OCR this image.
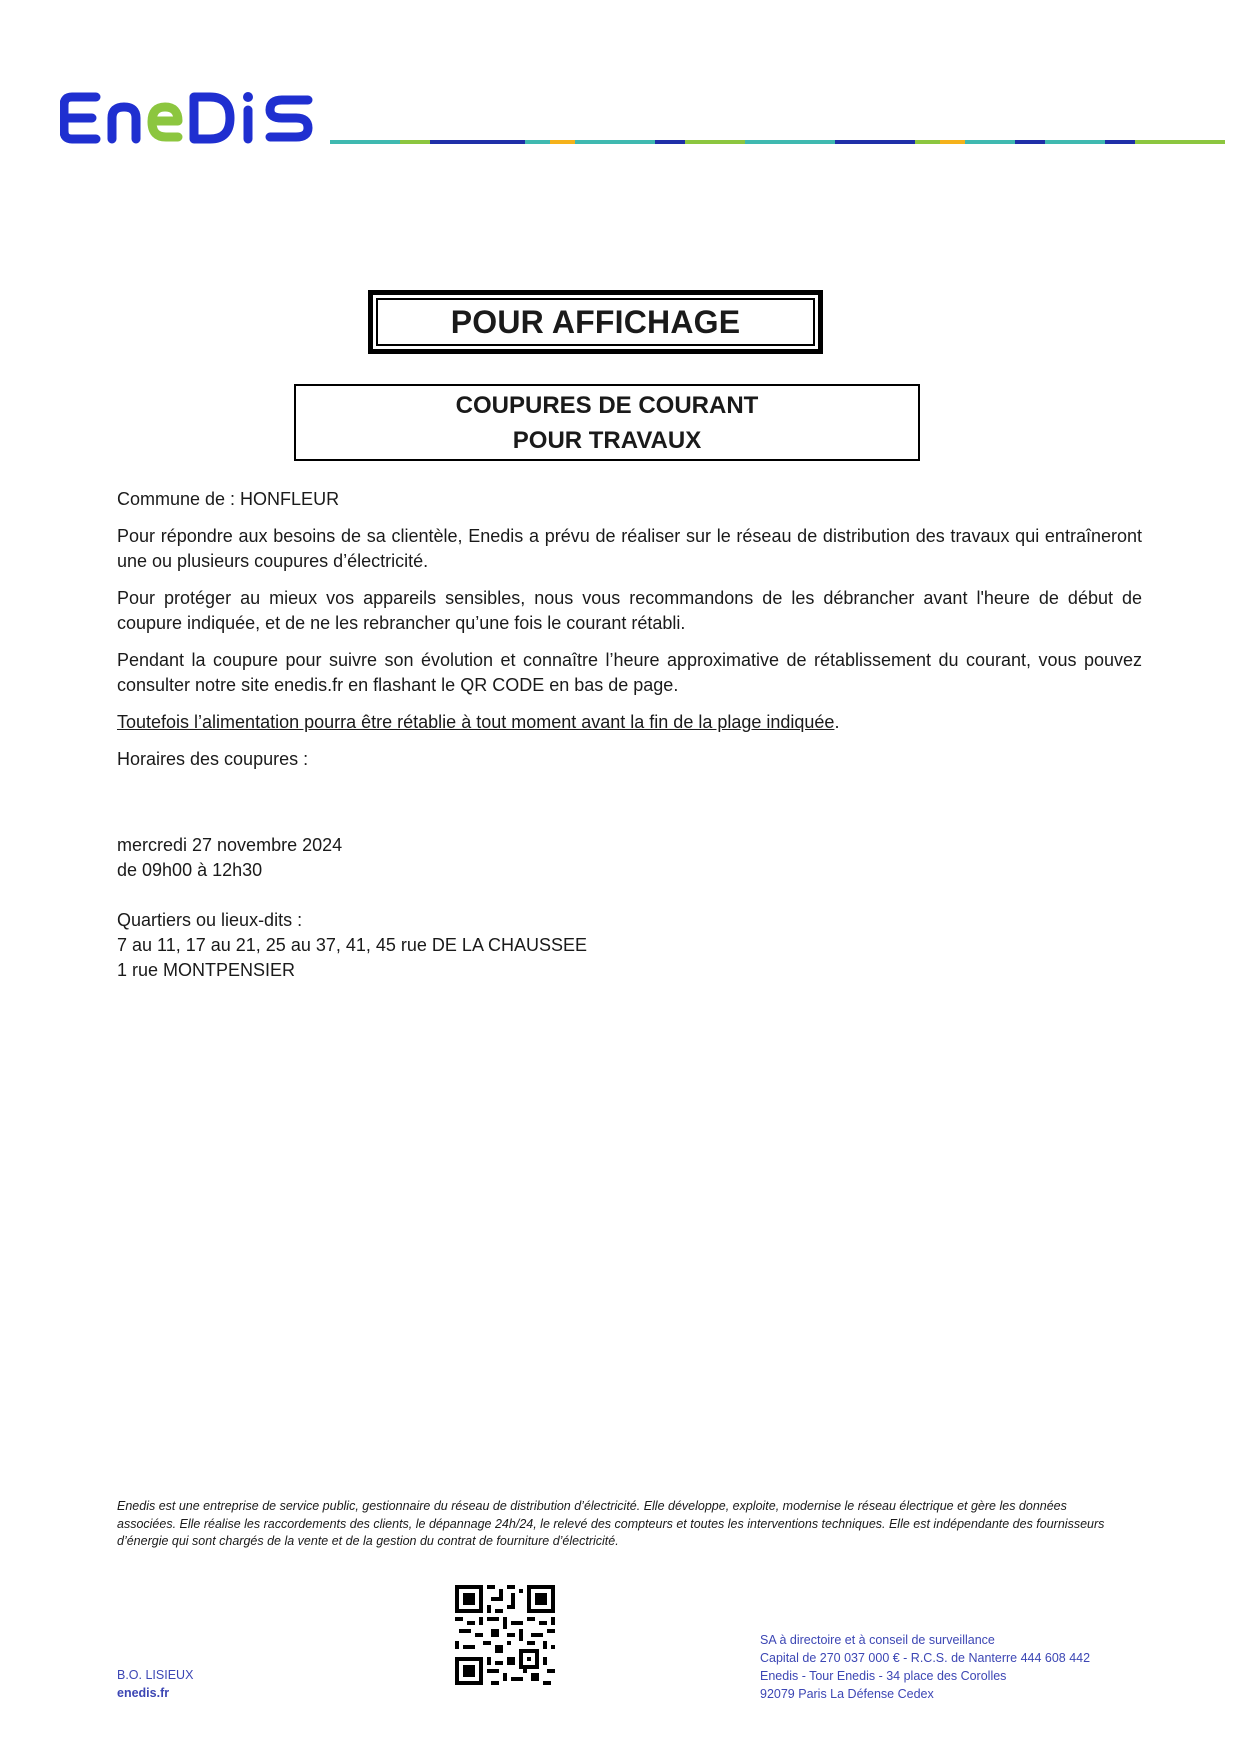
POUR AFFICHAGE
COUPURES DE COURANT
POUR TRAVAUX

Commune de : HONFLEUR

Pour répondre aux besoins de sa clientèle, Enedis a prévu de réaliser sur le réseau de distribution des travaux qui entraîneront une ou plusieurs coupures d’électricité.

Pour protéger au mieux vos appareils sensibles, nous vous recommandons de les débrancher avant l'heure de début de coupure indiquée, et de ne les rebrancher qu’une fois le courant rétabli.

Pendant la coupure pour suivre son évolution et connaître l’heure approximative de rétablissement du courant, vous pouvez consulter notre site enedis.fr en flashant le QR CODE en bas de page.

Toutefois l’alimentation pourra être rétablie à tout moment avant la fin de la plage indiquée.

Horaires des coupures :

mercredi 27 novembre 2024
de 09h00 à 12h30
Quartiers ou lieux-dits :
7 au 11, 17 au 21, 25 au 37, 41, 45 rue DE LA CHAUSSEE
1 rue MONTPENSIER
Enedis est une entreprise de service public, gestionnaire du réseau de distribution d’électricité. Elle développe, exploite, modernise le réseau électrique et gère les données associées. Elle réalise les raccordements des clients, le dépannage 24h/24, le relevé des compteurs et toutes les interventions techniques. Elle est indépendante des fournisseurs d’énergie qui sont chargés de la vente et de la gestion du contrat de fourniture d’électricité.
B.O. LISIEUX
enedis.fr
SA à directoire et à conseil de surveillance
Capital de 270 037 000 € - R.C.S. de Nanterre 444 608 442
Enedis - Tour Enedis - 34 place des Corolles
92079 Paris La Défense Cedex
